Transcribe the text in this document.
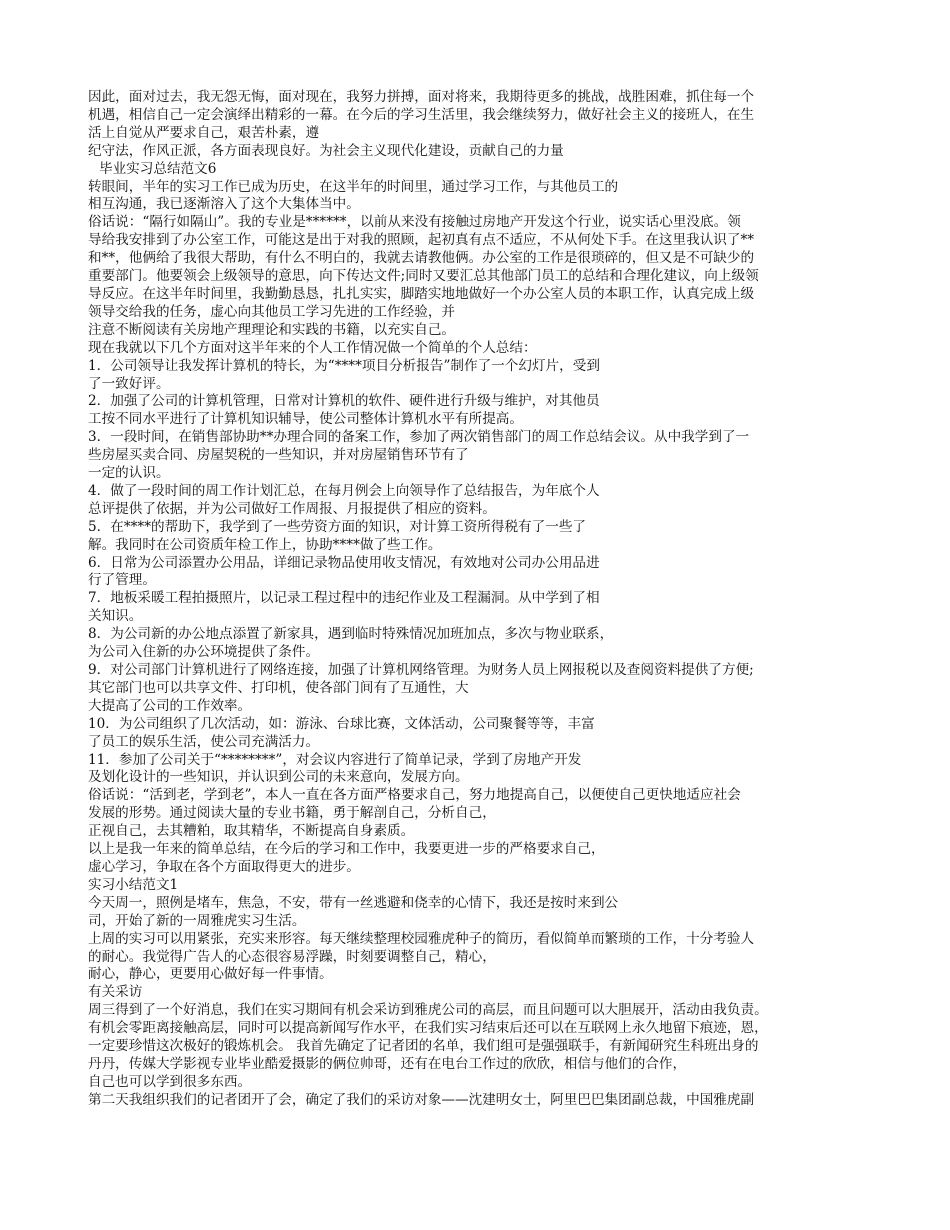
因此，面对过去，我无怨无悔，面对现在，我努力拼搏，面对将来，我期待更多的挑战，战胜困难，抓住每一个
机遇，相信自己一定会演绎出精彩的一幕。在今后的学习生活里，我会继续努力，做好社会主义的接班人，在生
活上自觉从严要求自己，艰苦朴素，遵
纪守法，作风正派，各方面表现良好。为社会主义现代化建设，贡献自己的力量
毕业实习总结范文6
转眼间，半年的实习工作已成为历史，在这半年的时间里，通过学习工作，与其他员工的
相互沟通，我已逐渐溶入了这个大集体当中。
俗话说：“隔行如隔山”。我的专业是******，以前从来没有接触过房地产开发这个行业，说实话心里没底。领
导给我安排到了办公室工作，可能这是出于对我的照顾，起初真有点不适应，不从何处下手。在这里我认识了**
和**，他俩给了我很大帮助，有什么不明白的，我就去请教他俩。办公室的工作是很琐碎的，但又是不可缺少的
重要部门。他要领会上级领导的意思，向下传达文件;同时又要汇总其他部门员工的总结和合理化建议，向上级领
导反应。在这半年时间里，我勤勤恳恳，扎扎实实，脚踏实地地做好一个办公室人员的本职工作，认真完成上级
领导交给我的任务，虚心向其他员工学习先进的工作经验，并
注意不断阅读有关房地产理理论和实践的书籍，以充实自己。
现在我就以下几个方面对这半年来的个人工作情况做一个简单的个人总结：
1．公司领导让我发挥计算机的特长，为“****项目分析报告”制作了一个幻灯片，受到
了一致好评。
2．加强了公司的计算机管理，日常对计算机的软件、硬件进行升级与维护，对其他员
工按不同水平进行了计算机知识辅导，使公司整体计算机水平有所提高。
3．一段时间，在销售部协助**办理合同的备案工作，参加了两次销售部门的周工作总结会议。从中我学到了一
些房屋买卖合同、房屋契税的一些知识，并对房屋销售环节有了
一定的认识。
4．做了一段时间的周工作计划汇总，在每月例会上向领导作了总结报告，为年底个人
总评提供了依据，并为公司做好工作周报、月报提供了相应的资料。
5．在****的帮助下，我学到了一些劳资方面的知识，对计算工资所得税有了一些了
解。我同时在公司资质年检工作上，协助****做了些工作。
6．日常为公司添置办公用品，详细记录物品使用收支情况，有效地对公司办公用品进
行了管理。
7．地板采暖工程拍摄照片，以记录工程过程中的违纪作业及工程漏洞。从中学到了相
关知识。
8．为公司新的办公地点添置了新家具，遇到临时特殊情况加班加点，多次与物业联系，
为公司入住新的办公环境提供了条件。
9．对公司部门计算机进行了网络连接，加强了计算机网络管理。为财务人员上网报税以及查阅资料提供了方便;
其它部门也可以共享文件、打印机，使各部门间有了互通性，大
大提高了公司的工作效率。
10．为公司组织了几次活动，如：游泳、台球比赛，文体活动，公司聚餐等等，丰富
了员工的娱乐生活，使公司充满活力。
11．参加了公司关于“********”，对会议内容进行了简单记录，学到了房地产开发
及划化设计的一些知识，并认识到公司的未来意向，发展方向。
俗话说：“活到老，学到老”，本人一直在各方面严格要求自己，努力地提高自己，以便使自己更快地适应社会
发展的形势。通过阅读大量的专业书籍，勇于解剖自己，分析自己，
正视自己，去其糟粕，取其精华，不断提高自身素质。
以上是我一年来的简单总结，在今后的学习和工作中，我要更进一步的严格要求自己，
虚心学习，争取在各个方面取得更大的进步。
实习小结范文1
今天周一，照例是堵车，焦急，不安，带有一丝逃避和侥幸的心情下，我还是按时来到公
司，开始了新的一周雅虎实习生活。
上周的实习可以用紧张，充实来形容。每天继续整理校园雅虎种子的简历，看似简单而繁琐的工作，十分考验人
的耐心。我觉得广告人的心态很容易浮躁，时刻要调整自己，精心，
耐心，静心，更要用心做好每一件事情。
有关采访
周三得到了一个好消息，我们在实习期间有机会采访到雅虎公司的高层，而且问题可以大胆展开，活动由我负责。
有机会零距离接触高层，同时可以提高新闻写作水平，在我们实习结束后还可以在互联网上永久地留下痕迹，恩，
一定要珍惜这次极好的锻炼机会。 我首先确定了记者团的名单，我们组可是强强联手，有新闻研究生科班出身的
丹丹，传媒大学影视专业毕业酷爱摄影的俩位帅哥，还有在电台工作过的欣欣，相信与他们的合作，
自己也可以学到很多东西。
第二天我组织我们的记者团开了会，确定了我们的采访对象——沈建明女士，阿里巴巴集团副总裁，中国雅虎副
